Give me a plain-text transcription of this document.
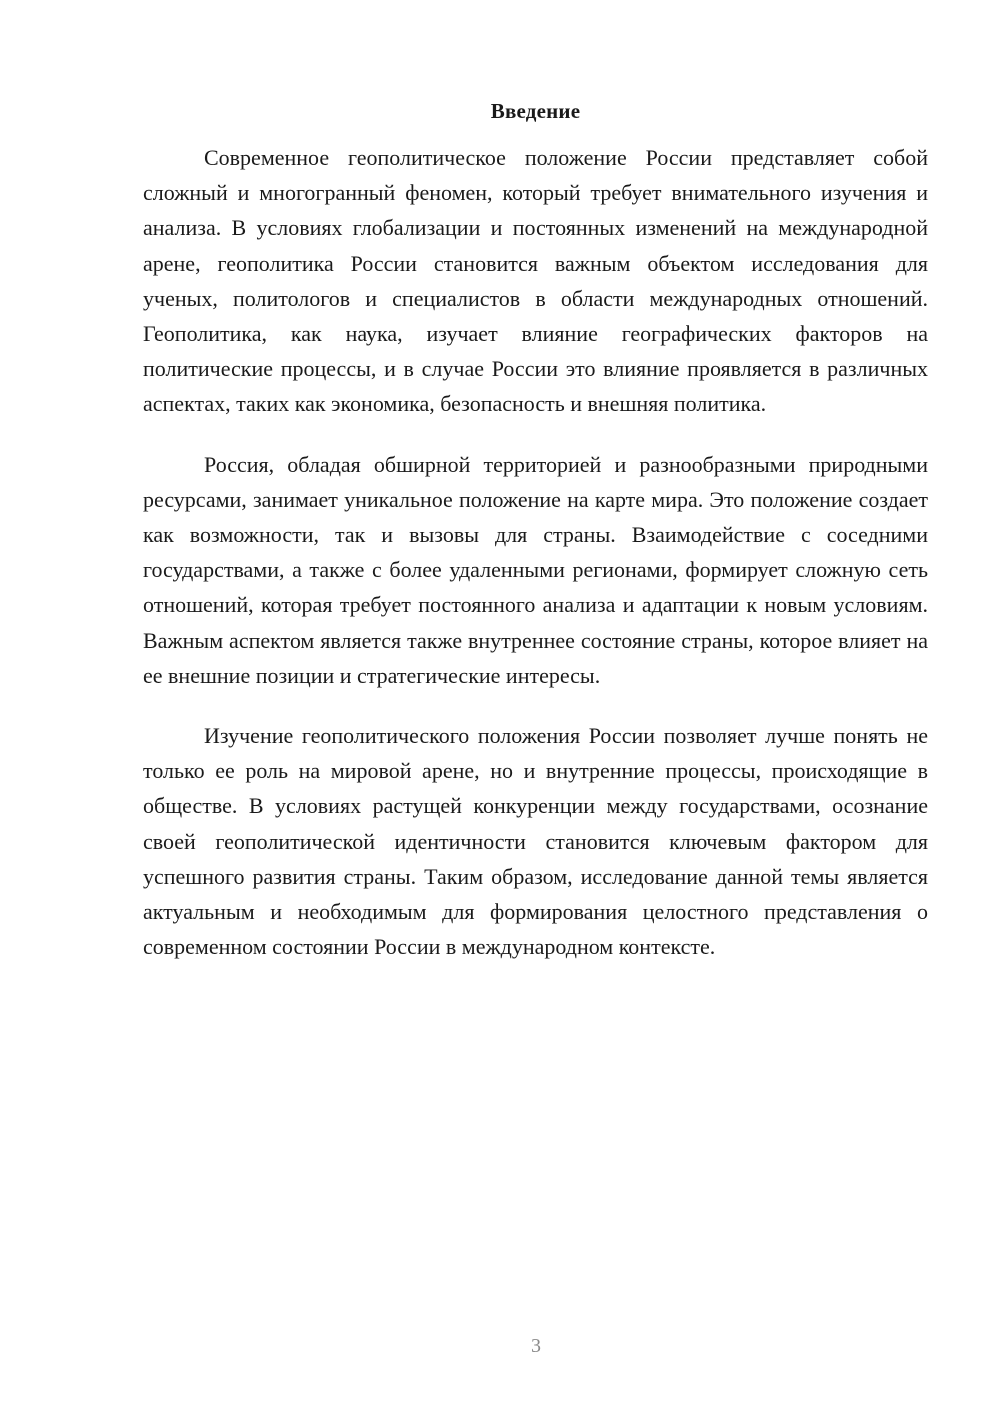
Введение

Современное геополитическое положение России представляет собой сложный и многогранный феномен, который требует внимательного изучения и анализа. В условиях глобализации и постоянных изменений на международной арене, геополитика России становится важным объектом исследования для ученых, политологов и специалистов в области международных отношений. Геополитика, как наука, изучает влияние географических факторов на политические процессы, и в случае России это влияние проявляется в различных аспектах, таких как экономика, безопасность и внешняя политика.

Россия, обладая обширной территорией и разнообразными природными ресурсами, занимает уникальное положение на карте мира. Это положение создает как возможности, так и вызовы для страны. Взаимодействие с соседними государствами, а также с более удаленными регионами, формирует сложную сеть отношений, которая требует постоянного анализа и адаптации к новым условиям. Важным аспектом является также внутреннее состояние страны, которое влияет на ее внешние позиции и стратегические интересы.

Изучение геополитического положения России позволяет лучше понять не только ее роль на мировой арене, но и внутренние процессы, происходящие в обществе. В условиях растущей конкуренции между государствами, осознание своей геополитической идентичности становится ключевым фактором для успешного развития страны. Таким образом, исследование данной темы является актуальным и необходимым для формирования целостного представления о современном состоянии России в международном контексте.

3
